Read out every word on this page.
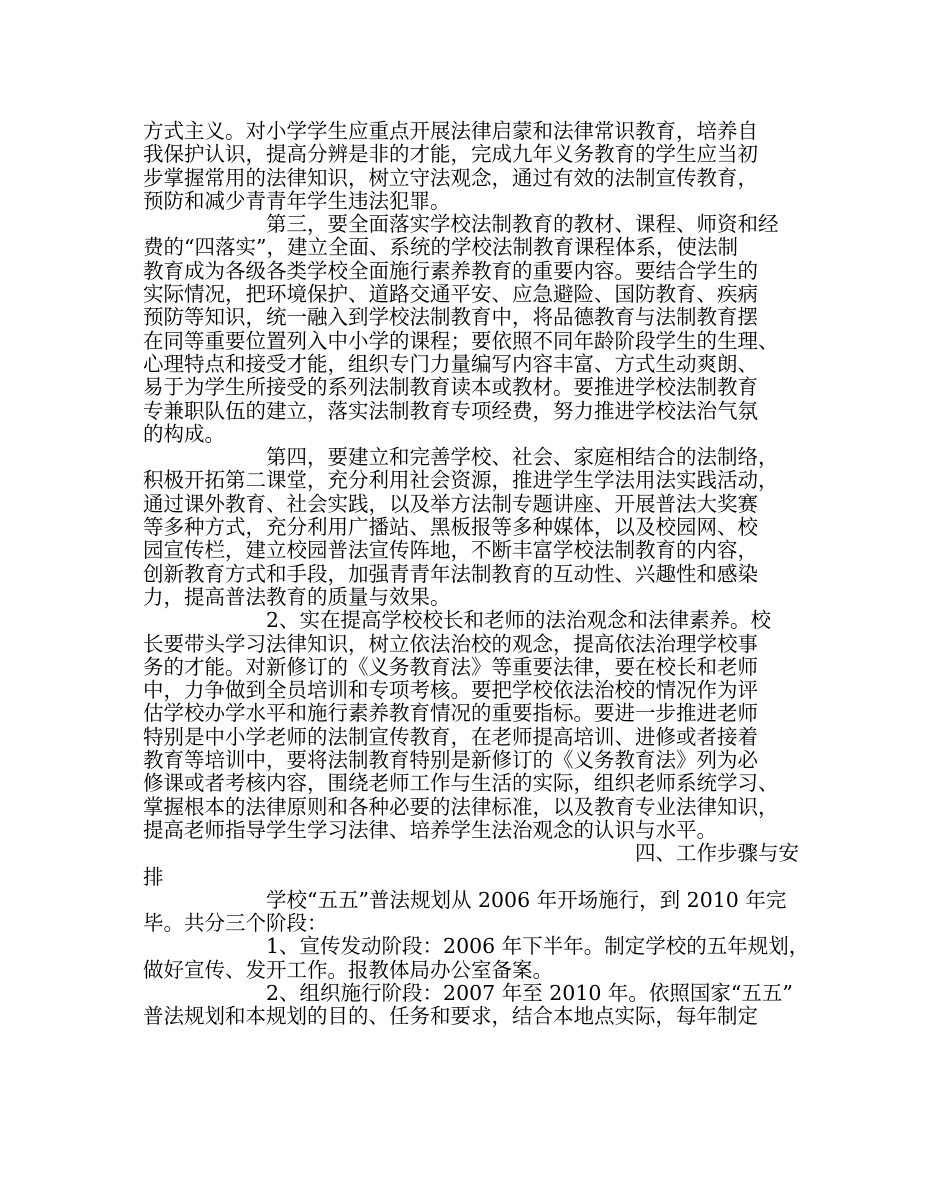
方式主义。对小学学生应重点开展法律启蒙和法律常识教育，培养自
我保护认识，提高分辨是非的才能，完成九年义务教育的学生应当初
步掌握常用的法律知识，树立守法观念，通过有效的法制宣传教育，
预防和减少青青年学生违法犯罪。
　　　　　　第三，要全面落实学校法制教育的教材、课程、师资和经
费的“四落实”，建立全面、系统的学校法制教育课程体系，使法制
教育成为各级各类学校全面施行素养教育的重要内容。要结合学生的
实际情况，把环境保护、道路交通平安、应急避险、国防教育、疾病
预防等知识，统一融入到学校法制教育中，将品德教育与法制教育摆
在同等重要位置列入中小学的课程；要依照不同年龄阶段学生的生理、
心理特点和接受才能，组织专门力量编写内容丰富、方式生动爽朗、
易于为学生所接受的系列法制教育读本或教材。要推进学校法制教育
专兼职队伍的建立，落实法制教育专项经费，努力推进学校法治气氛
的构成。
　　　　　　第四，要建立和完善学校、社会、家庭相结合的法制络，
积极开拓第二课堂，充分利用社会资源，推进学生学法用法实践活动，
通过课外教育、社会实践，以及举方法制专题讲座、开展普法大奖赛
等多种方式，充分利用广播站、黑板报等多种媒体，以及校园网、校
园宣传栏，建立校园普法宣传阵地，不断丰富学校法制教育的内容，
创新教育方式和手段，加强青青年法制教育的互动性、兴趣性和感染
力，提高普法教育的质量与效果。
　　　　　　2、实在提高学校校长和老师的法治观念和法律素养。校
长要带头学习法律知识，树立依法治校的观念，提高依法治理学校事
务的才能。对新修订的《义务教育法》等重要法律，要在校长和老师
中，力争做到全员培训和专项考核。要把学校依法治校的情况作为评
估学校办学水平和施行素养教育情况的重要指标。要进一步推进老师
特别是中小学老师的法制宣传教育，在老师提高培训、进修或者接着
教育等培训中，要将法制教育特别是新修订的《义务教育法》列为必
修课或者考核内容，围绕老师工作与生活的实际，组织老师系统学习、
掌握根本的法律原则和各种必要的法律标准，以及教育专业法律知识，
提高老师指导学生学习法律、培养学生法治观念的认识与水平。
　　　　　　　　　　　　　　　　　　　　　　　　四、工作步骤与安
排
　　　　　　学校“五五”普法规划从 2006 年开场施行，到 2010 年完
毕。共分三个阶段：
　　　　　　1、宣传发动阶段：2006 年下半年。制定学校的五年规划，
做好宣传、发开工作。报教体局办公室备案。
　　　　　　2、组织施行阶段：2007 年至 2010 年。依照国家“五五”
普法规划和本规划的目的、任务和要求，结合本地点实际，每年制定
